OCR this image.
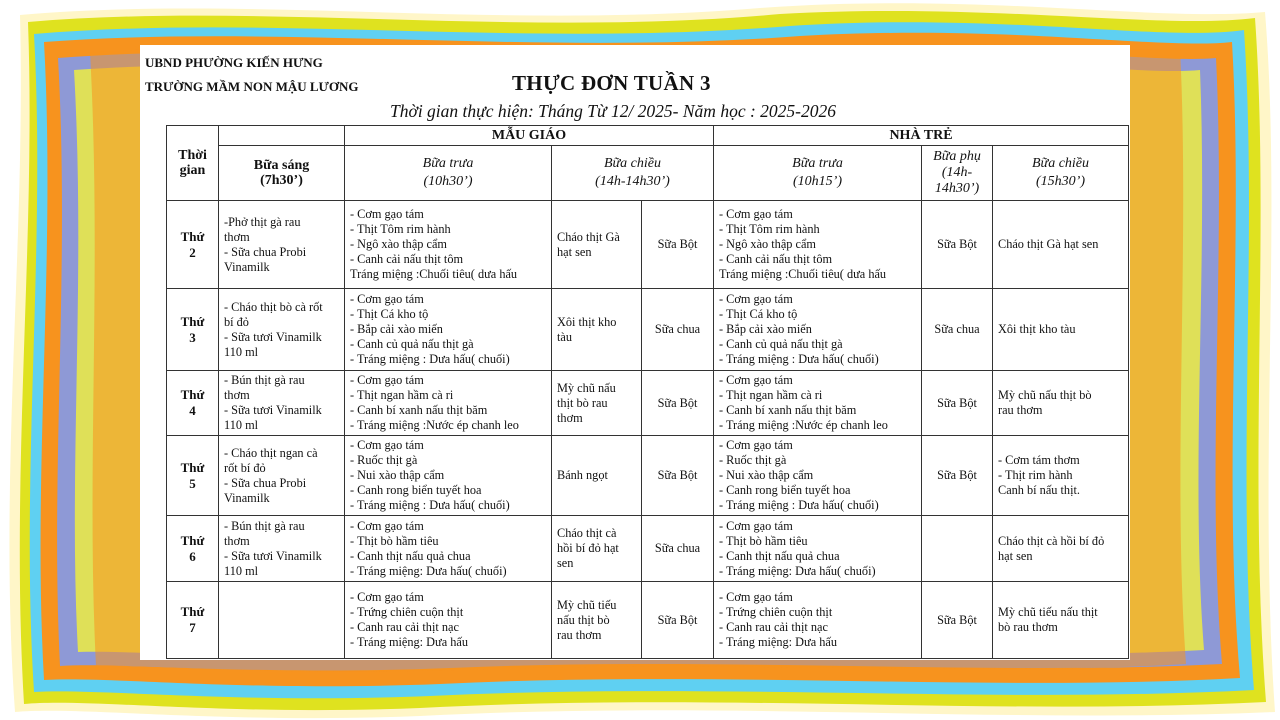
UBND PHƯỜNG KIẾN HƯNG
TRƯỜNG MẦM NON MẬU LƯƠNG	THỰC ĐƠN TUẦN 3
Thời gian thực hiện: Tháng Từ 12/ 2025- Năm học : 2025-2026
Thời
gian		MẪU GIÁO			NHÀ TRẺ		

	Bữa sáng
(7h30’)	Bữa trưa
(10h30’)	Bữa chiều
(14h-14h30’)		Bữa trưa
(10h15’)	Bữa phụ
(14h-
14h30’)	Bữa chiều
(15h30’)

Thứ
2	-Phở thịt gà rau
thơm
- Sữa chua Probi
Vinamilk	- Cơm gạo tám
- Thịt Tôm rim hành
- Ngô xào thập cẩm
- Canh cải nấu thịt tôm
Tráng miệng :Chuối tiêu( dưa hấu	Cháo thịt Gà
hạt sen	Sữa Bột	- Cơm gạo tám
- Thịt Tôm rim hành
- Ngô xào thập cẩm
- Canh cải nấu thịt tôm
Tráng miệng :Chuối tiêu( dưa hấu	Sữa Bột	Cháo thịt Gà hạt sen

Thứ
3	- Cháo thịt bò cà rốt
bí đỏ
- Sữa tươi Vinamilk
110 ml	- Cơm gạo tám
- Thịt Cá kho tộ
- Bắp cải xào miến
- Canh củ quả nấu thịt gà
- Tráng miệng : Dưa hấu( chuối)	Xôi thịt kho
tàu	Sữa chua	- Cơm gạo tám
- Thịt Cá kho tộ
- Bắp cải xào miến
- Canh củ quả nấu thịt gà
- Tráng miệng : Dưa hấu( chuối)	Sữa chua	Xôi thịt kho tàu

Thứ
4	- Bún thịt gà rau
thơm
- Sữa tươi Vinamilk
110 ml	- Cơm gạo tám
- Thịt ngan hầm cà ri
- Canh bí xanh nấu thịt băm
- Tráng miệng :Nước ép chanh leo	Mỳ chũ nấu
thịt bò rau
thơm	Sữa Bột	- Cơm gạo tám
- Thịt ngan hầm cà ri
- Canh bí xanh nấu thịt băm
- Tráng miệng :Nước ép chanh leo	Sữa Bột	Mỳ chũ nấu thịt bò
rau thơm

Thứ
5	- Cháo thịt ngan cà
rốt bí đỏ
- Sữa chua Probi
Vinamilk	- Cơm gạo tám
- Ruốc thịt gà
- Nui xào thập cẩm
- Canh rong biển tuyết hoa
- Tráng miệng : Dưa hấu( chuối)	Bánh ngọt	Sữa Bột	- Cơm gạo tám
- Ruốc thịt gà
- Nui xào thập cẩm
- Canh rong biển tuyết hoa
- Tráng miệng : Dưa hấu( chuối)	Sữa Bột	- Cơm tám thơm
- Thịt rim hành
Canh bí nấu thịt.

Thứ
6	- Bún thịt gà rau
thơm
- Sữa tươi Vinamilk
110 ml	- Cơm gạo tám
- Thịt bò hầm tiêu
- Canh thịt nấu quả chua
- Tráng miệng: Dưa hấu( chuối)	Cháo thịt cà
hồi bí đỏ hạt
sen	Sữa chua	- Cơm gạo tám
- Thịt bò hầm tiêu
- Canh thịt nấu quả chua
- Tráng miệng: Dưa hấu( chuối)		Cháo thịt cà hồi bí đỏ
hạt sen

Thứ
7		- Cơm gạo tám
- Trứng chiên cuộn thịt
- Canh rau cải thịt nạc
- Tráng miệng: Dưa hấu	Mỳ chũ tiếu
nấu thịt bò
rau thơm	Sữa Bột	- Cơm gạo tám
- Trứng chiên cuộn thịt
- Canh rau cải thịt nạc
- Tráng miệng: Dưa hấu	Sữa Bột	Mỳ chũ tiếu nấu thịt
bò rau thơm
